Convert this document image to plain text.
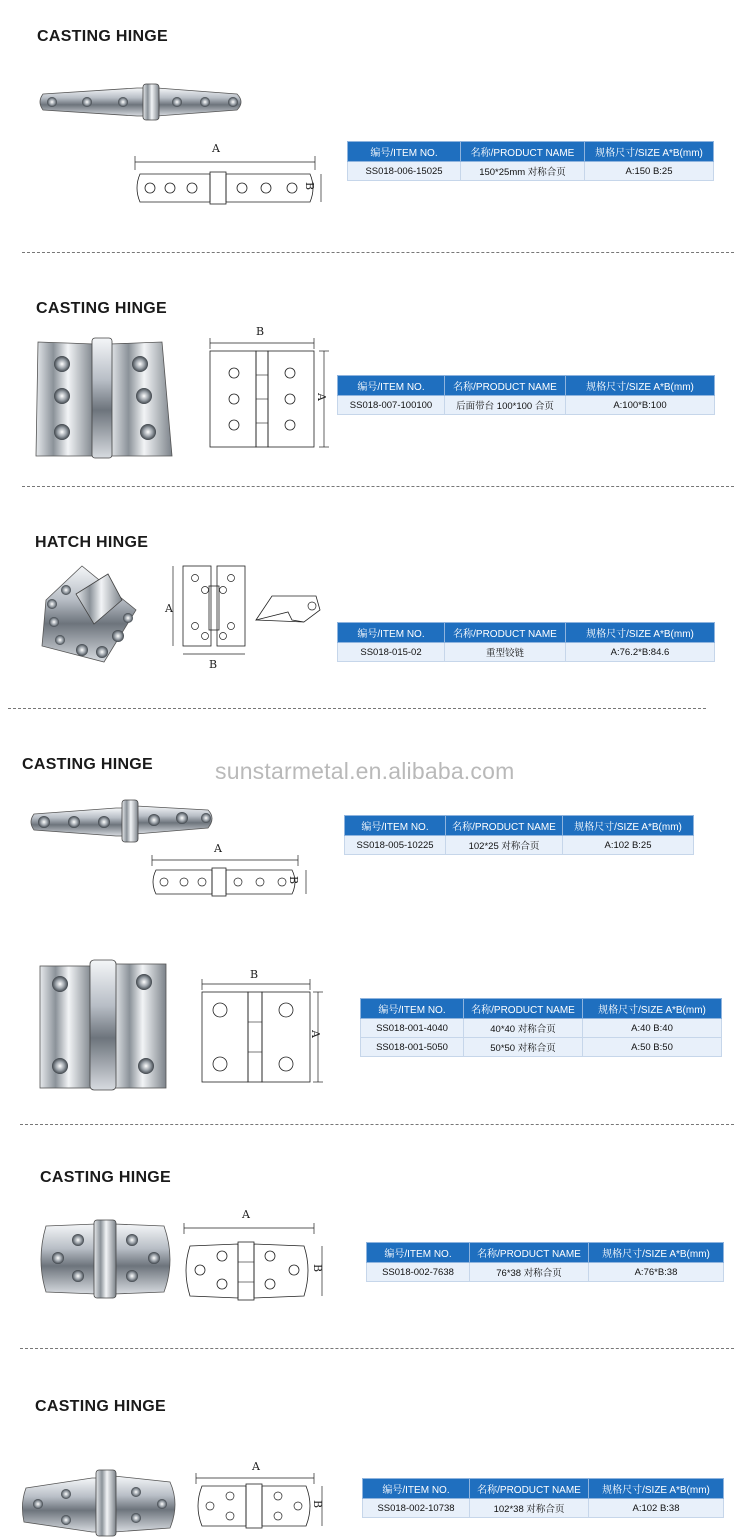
CASTING HINGE
A
B
编号/ITEM NO.	名称/PRODUCT NAME	规格尺寸/SIZE A*B(mm)
SS018-006-15025	150*25mm 对称合页	A:150 B:25
CASTING HINGE
B
A
编号/ITEM NO.	名称/PRODUCT NAME	规格尺寸/SIZE A*B(mm)
SS018-007-100100	后面带台 100*100 合页	A:100*B:100
HATCH HINGE
A
B
编号/ITEM NO.	名称/PRODUCT NAME	规格尺寸/SIZE A*B(mm)
SS018-015-02	重型铰链	A:76.2*B:84.6
CASTING HINGE	sunstarmetal.en.alibaba.com
A
B
编号/ITEM NO.	名称/PRODUCT NAME	规格尺寸/SIZE A*B(mm)
SS018-005-10225	102*25 对称合页	A:102 B:25
B
A
编号/ITEM NO.	名称/PRODUCT NAME	规格尺寸/SIZE A*B(mm)
SS018-001-4040	40*40 对称合页	A:40 B:40
SS018-001-5050	50*50 对称合页	A:50 B:50
CASTING HINGE
A
B
编号/ITEM NO.	名称/PRODUCT NAME	规格尺寸/SIZE A*B(mm)
SS018-002-7638	76*38 对称合页	A:76*B:38
CASTING HINGE
A
B
编号/ITEM NO.	名称/PRODUCT NAME	规格尺寸/SIZE A*B(mm)
SS018-002-10738	102*38 对称合页	A:102 B:38
